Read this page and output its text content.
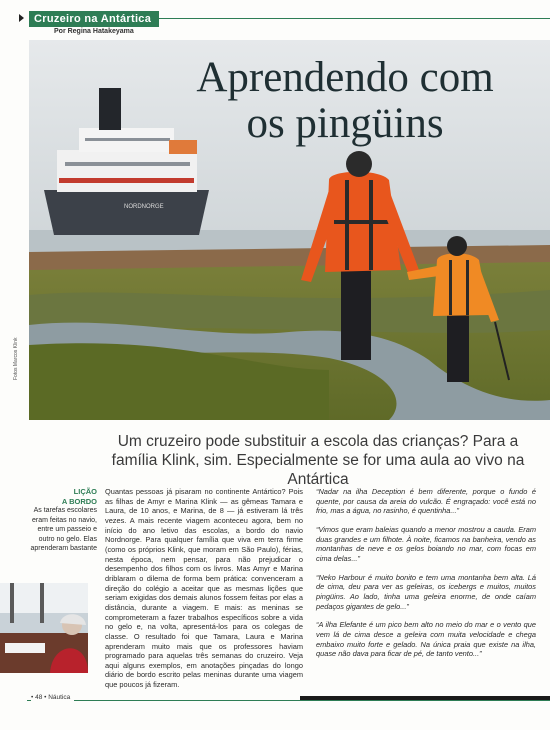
Cruzeiro na Antártica
Por Regina Hatakeyama
NORDNORGE
Aprendendo com
os pingüins
Fotos Marcos Klink
Um cruzeiro pode substituir a escola das crianças? Para a família Klink, sim. Especialmente se for uma aula ao vivo na Antártica
LIÇÃO
A BORDO
As tarefas escolares eram feitas no navio, entre um passeio e outro no gelo. Elas aprenderam bastante

Quantas pessoas já pisaram no continente Antártico? Pois as filhas de Amyr e Marina Klink — as gêmeas Tamara e Laura, de 10 anos, e Marina, de 8 — já estiveram lá três vezes. A mais recente viagem aconteceu agora, bem no início do ano letivo das escolas, a bordo do navio Nordnorge. Para qualquer família que viva em terra firme (como os próprios Klink, que moram em São Paulo), férias, nesta época, nem pensar, para não prejudicar o desempenho dos filhos com os livros. Mas Amyr e Marina driblaram o dilema de forma bem prática: convenceram a direção do colégio a aceitar que as mesmas lições que seriam exigidas dos demais alunos fossem feitas por elas a distância, durante a viagem. E mais: as meninas se comprometeram a fazer trabalhos específicos sobre a vida no gelo e, na volta, apresentá-los para os colegas de classe. O resultado foi que Tamara, Laura e Marina aprenderam muito mais que os professores haviam programado para aquelas três semanas do cruzeiro. Veja aqui alguns exemplos, em anotações pinçadas do longo diário de bordo escrito pelas meninas durante uma viagem que poucos já fizeram.

“Nadar na ilha Deception é bem diferente, porque o fundo é quente, por causa da areia do vulcão. É engraçado: você está no frio, mas a água, no rasinho, é quentinha...”

“Vimos que eram baleias quando a menor mostrou a cauda. Eram duas grandes e um filhote. À noite, ficamos na banheira, vendo as montanhas de neve e os gelos boiando no mar, com focas em cima delas...”

“Neko Harbour é muito bonito e tem uma montanha bem alta. Lá de cima, deu para ver as geleiras, os icebergs e muitos, muitos pingüins. Ao lado, tinha uma geleira enorme, de onde caíam pedaços gigantes de gelo...”

“A ilha Elefante é um pico bem alto no meio do mar e o vento que vem lá de cima desce a geleira com muita velocidade e chega embaixo muito forte e gelado. Na única praia que existe na ilha, quase não dava para ficar de pé, de tanto vento...”

• 48 • Náutica
